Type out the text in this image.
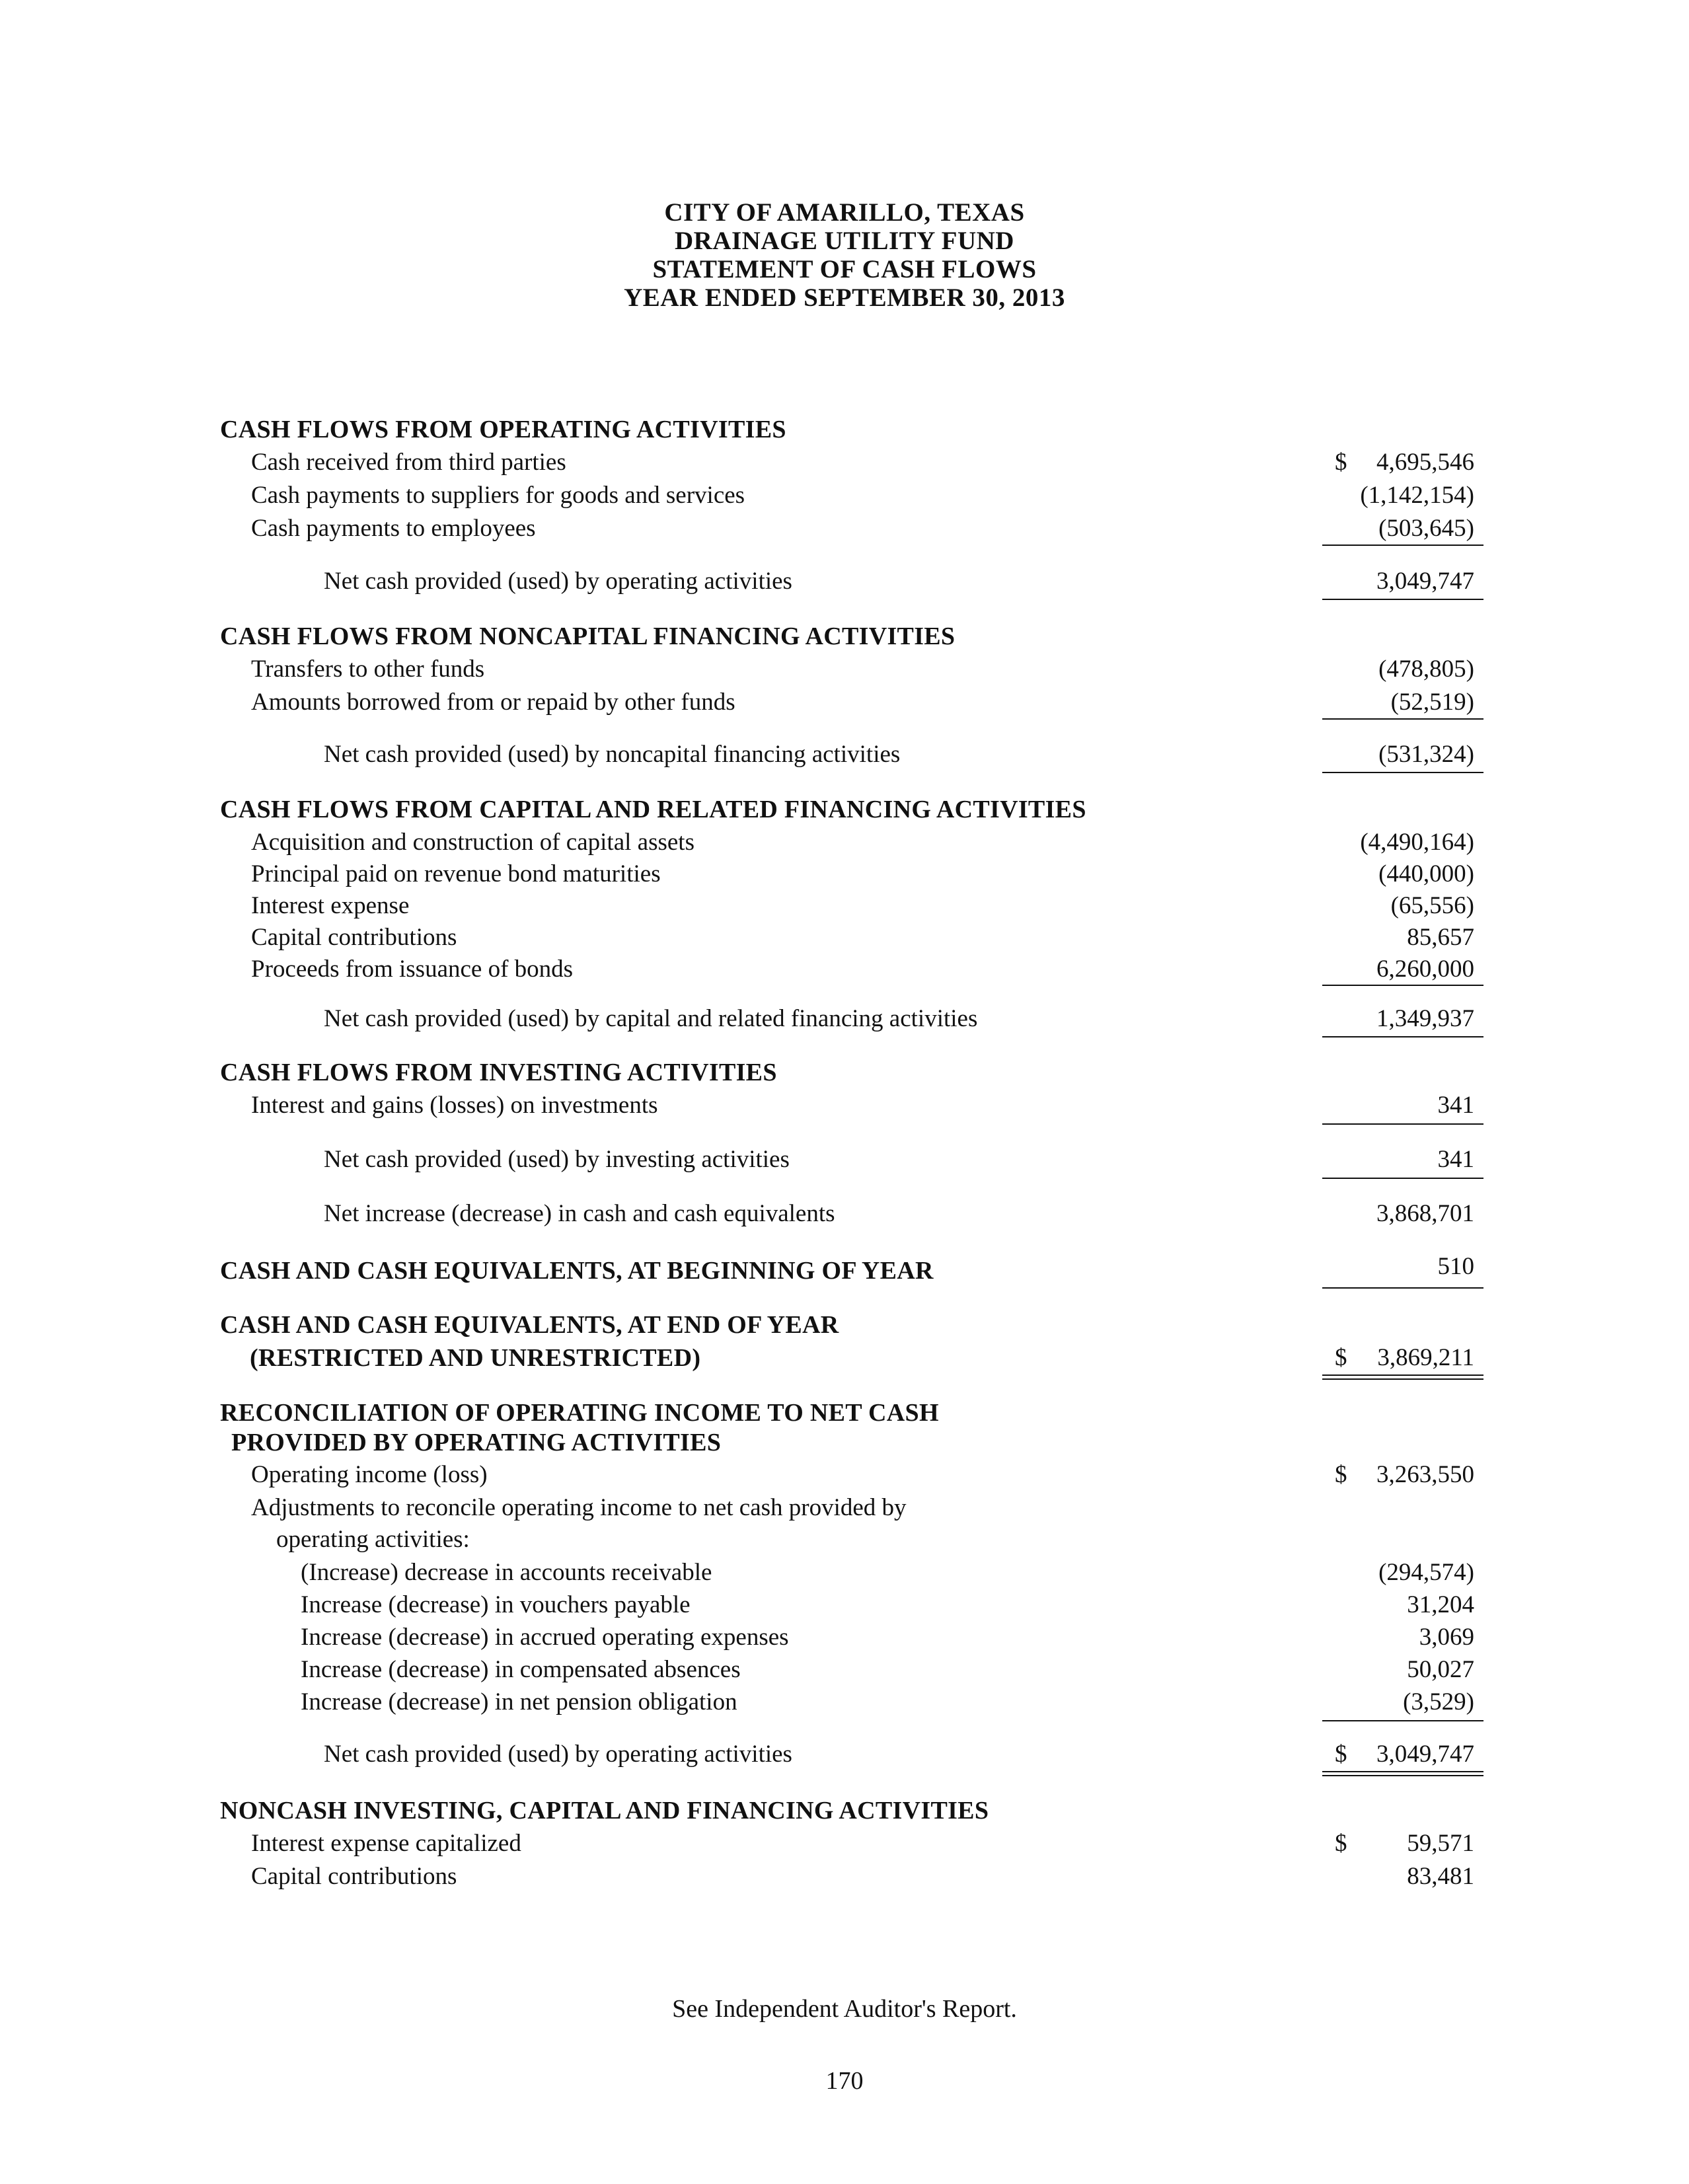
CITY OF AMARILLO, TEXAS
DRAINAGE UTILITY FUND
STATEMENT OF CASH FLOWS
YEAR ENDED SEPTEMBER 30, 2013
CASH FLOWS FROM OPERATING ACTIVITIES
Cash received from third parties	$ 4,695,546
Cash payments to suppliers for goods and services	(1,142,154)
Cash payments to employees	(503,645)
Net cash provided (used) by operating activities	3,049,747
CASH FLOWS FROM NONCAPITAL FINANCING ACTIVITIES
Transfers to other funds	(478,805)
Amounts borrowed from or repaid by other funds	(52,519)
Net cash provided (used) by noncapital financing activities	(531,324)
CASH FLOWS FROM CAPITAL AND RELATED FINANCING ACTIVITIES
Acquisition and construction of capital assets	(4,490,164)
Principal paid on revenue bond maturities	(440,000)
Interest expense	(65,556)
Capital contributions	85,657
Proceeds from issuance of bonds	6,260,000
Net cash provided (used) by capital and related financing activities	1,349,937
CASH FLOWS FROM INVESTING ACTIVITIES
Interest and gains (losses) on investments	341
Net cash provided (used) by investing activities	341
Net increase (decrease) in cash and cash equivalents	3,868,701
CASH AND CASH EQUIVALENTS, AT BEGINNING OF YEAR	510
CASH AND CASH EQUIVALENTS, AT END OF YEAR
(RESTRICTED AND UNRESTRICTED)	$ 3,869,211
RECONCILIATION OF OPERATING INCOME TO NET CASH
PROVIDED BY OPERATING ACTIVITIES
Operating income (loss)	$ 3,263,550
Adjustments to reconcile operating income to net cash provided by
operating activities:
(Increase) decrease in accounts receivable	(294,574)
Increase (decrease) in vouchers payable	31,204
Increase (decrease) in accrued operating expenses	3,069
Increase (decrease) in compensated absences	50,027
Increase (decrease) in net pension obligation	(3,529)
Net cash provided (used) by operating activities	$ 3,049,747
NONCASH INVESTING, CAPITAL AND FINANCING ACTIVITIES
Interest expense capitalized	$ 59,571
Capital contributions	83,481
See Independent Auditor's Report.
170
